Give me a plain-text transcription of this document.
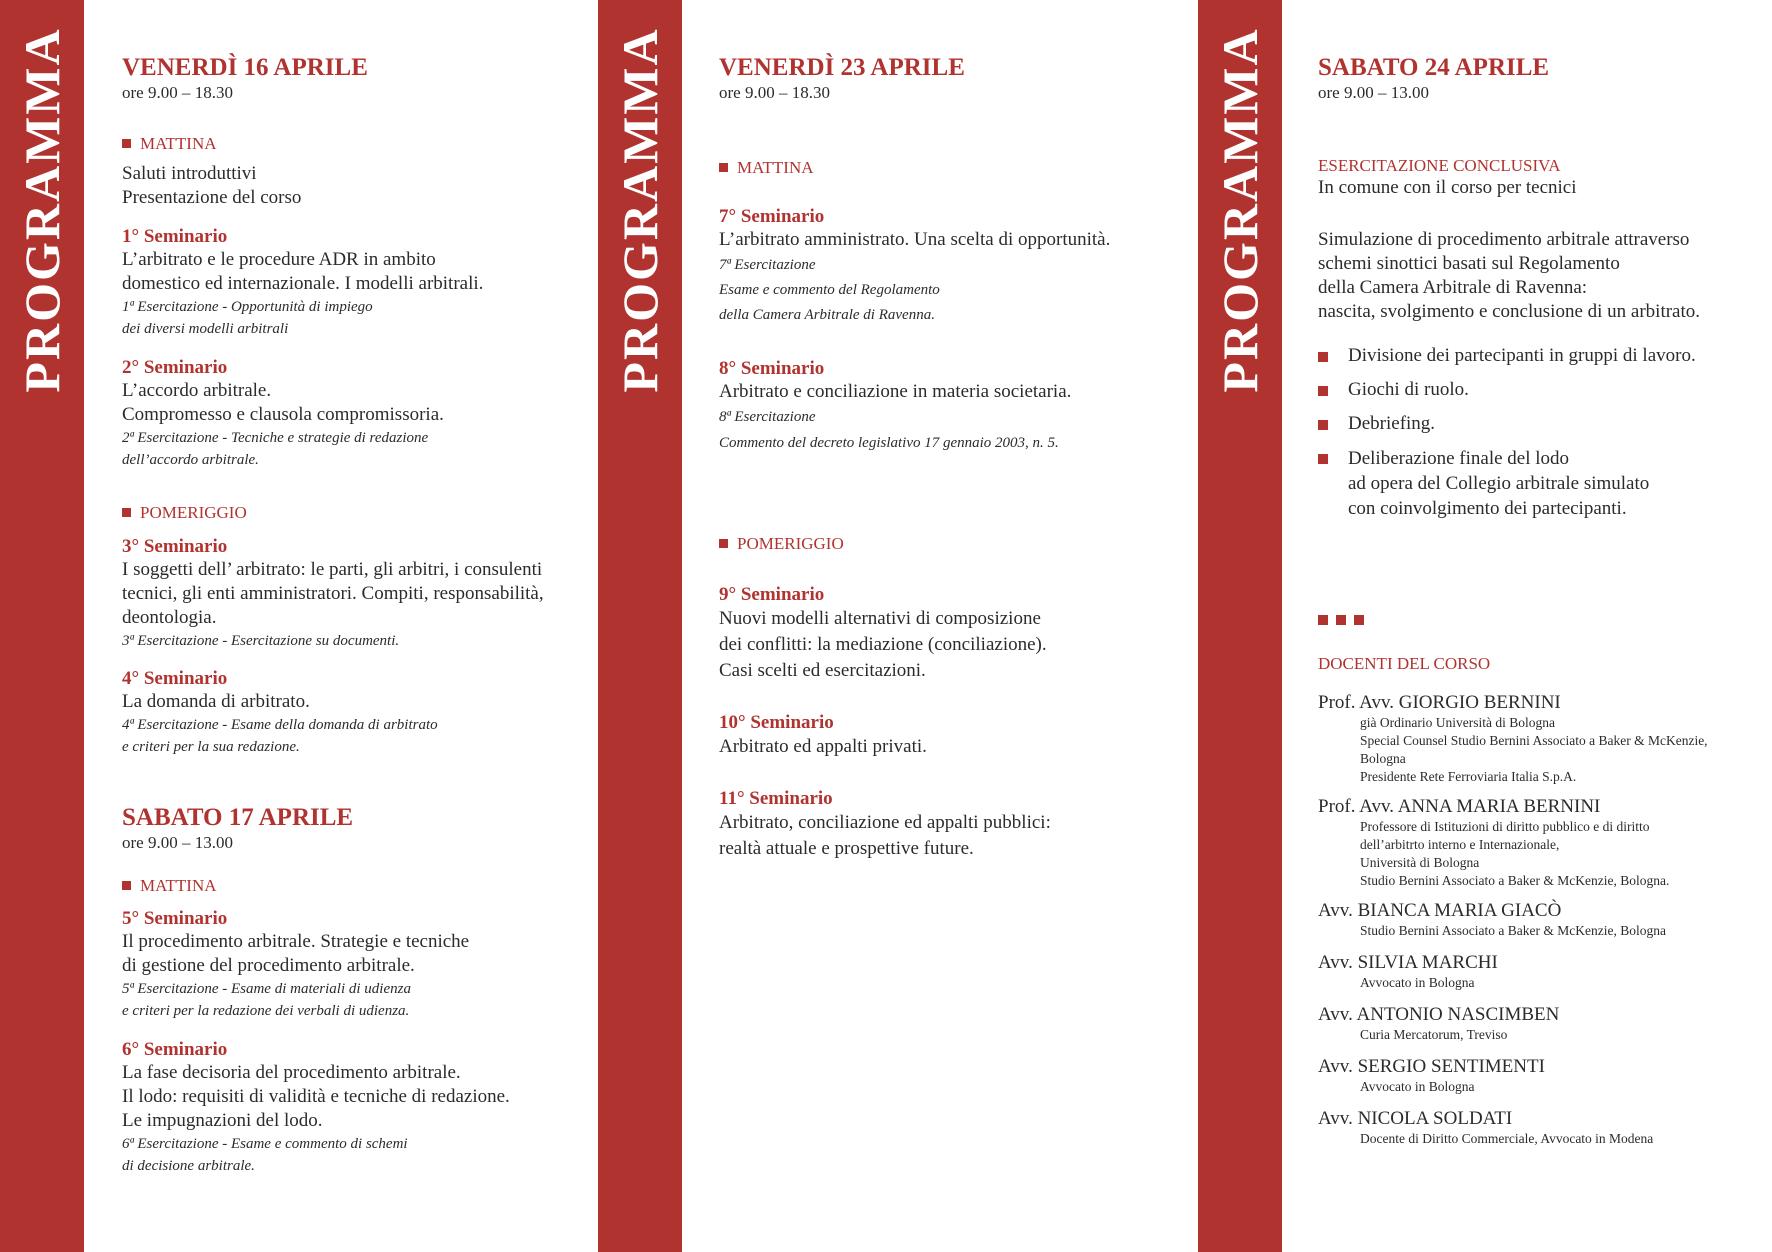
PROGRAMMA	PROGRAMMA	PROGRAMMA

VENERDÌ 16 APRILE

ore 9.00 – 18.30

MATTINA

Saluti introduttivi

Presentazione del corso

1° Seminario

L’arbitrato e le procedure ADR in ambito

domestico ed internazionale. I modelli arbitrali.

1ª Esercitazione - Opportunità di impiego

dei diversi modelli arbitrali

2° Seminario

L’accordo arbitrale.

Compromesso e clausola compromissoria.

2ª Esercitazione - Tecniche e strategie di redazione

dell’accordo arbitrale.

POMERIGGIO

3° Seminario

I soggetti dell’ arbitrato: le parti, gli arbitri, i consulenti

tecnici, gli enti amministratori. Compiti, responsabilità,

deontologia.

3ª Esercitazione - Esercitazione su documenti.

4° Seminario

La domanda di arbitrato.

4ª Esercitazione - Esame della domanda di arbitrato

e criteri per la sua redazione.

SABATO 17 APRILE

ore 9.00 – 13.00

MATTINA

5° Seminario

Il procedimento arbitrale. Strategie e tecniche

di gestione del procedimento arbitrale.

5ª Esercitazione - Esame di materiali di udienza

e criteri per la redazione dei verbali di udienza.

6° Seminario

La fase decisoria del procedimento arbitrale.

Il lodo: requisiti di validità e tecniche di redazione.

Le impugnazioni del lodo.

6ª Esercitazione - Esame e commento di schemi

di decisione arbitrale.

VENERDÌ 23 APRILE

ore 9.00 – 18.30

MATTINA

7° Seminario

L’arbitrato amministrato. Una scelta di opportunità.

7ª Esercitazione

Esame e commento del Regolamento

della Camera Arbitrale di Ravenna.

8° Seminario

Arbitrato e conciliazione in materia societaria.

8ª Esercitazione

Commento del decreto legislativo 17 gennaio 2003, n. 5.

POMERIGGIO

9° Seminario

Nuovi modelli alternativi di composizione

dei conflitti: la mediazione (conciliazione).

Casi scelti ed esercitazioni.

10° Seminario

Arbitrato ed appalti privati.

11° Seminario

Arbitrato, conciliazione ed appalti pubblici:

realtà attuale e prospettive future.

SABATO 24 APRILE

ore 9.00 – 13.00

ESERCITAZIONE CONCLUSIVA

In comune con il corso per tecnici

Simulazione di procedimento arbitrale attraverso

schemi sinottici basati sul Regolamento

della Camera Arbitrale di Ravenna:

nascita, svolgimento e conclusione di un arbitrato.

Divisione dei partecipanti in gruppi di lavoro.
Giochi di ruolo.
Debriefing.
Deliberazione finale del lodo
ad opera del Collegio arbitrale simulato
con coinvolgimento dei partecipanti.

DOCENTI DEL CORSO

Prof. Avv. GIORGIO BERNINI

già Ordinario Università di Bologna

Special Counsel Studio Bernini Associato a Baker & McKenzie,

Bologna

Presidente Rete Ferroviaria Italia S.p.A.

Prof. Avv. ANNA MARIA BERNINI

Professore di Istituzioni di diritto pubblico e di diritto

dell’arbitrto interno e Internazionale,

Università di Bologna

Studio Bernini Associato a Baker & McKenzie, Bologna.

Avv. BIANCA MARIA GIACÒ

Studio Bernini Associato a Baker & McKenzie, Bologna

Avv. SILVIA MARCHI

Avvocato in Bologna

Avv. ANTONIO NASCIMBEN

Curia Mercatorum, Treviso

Avv. SERGIO SENTIMENTI

Avvocato in Bologna

Avv. NICOLA SOLDATI

Docente di Diritto Commerciale, Avvocato in Modena
